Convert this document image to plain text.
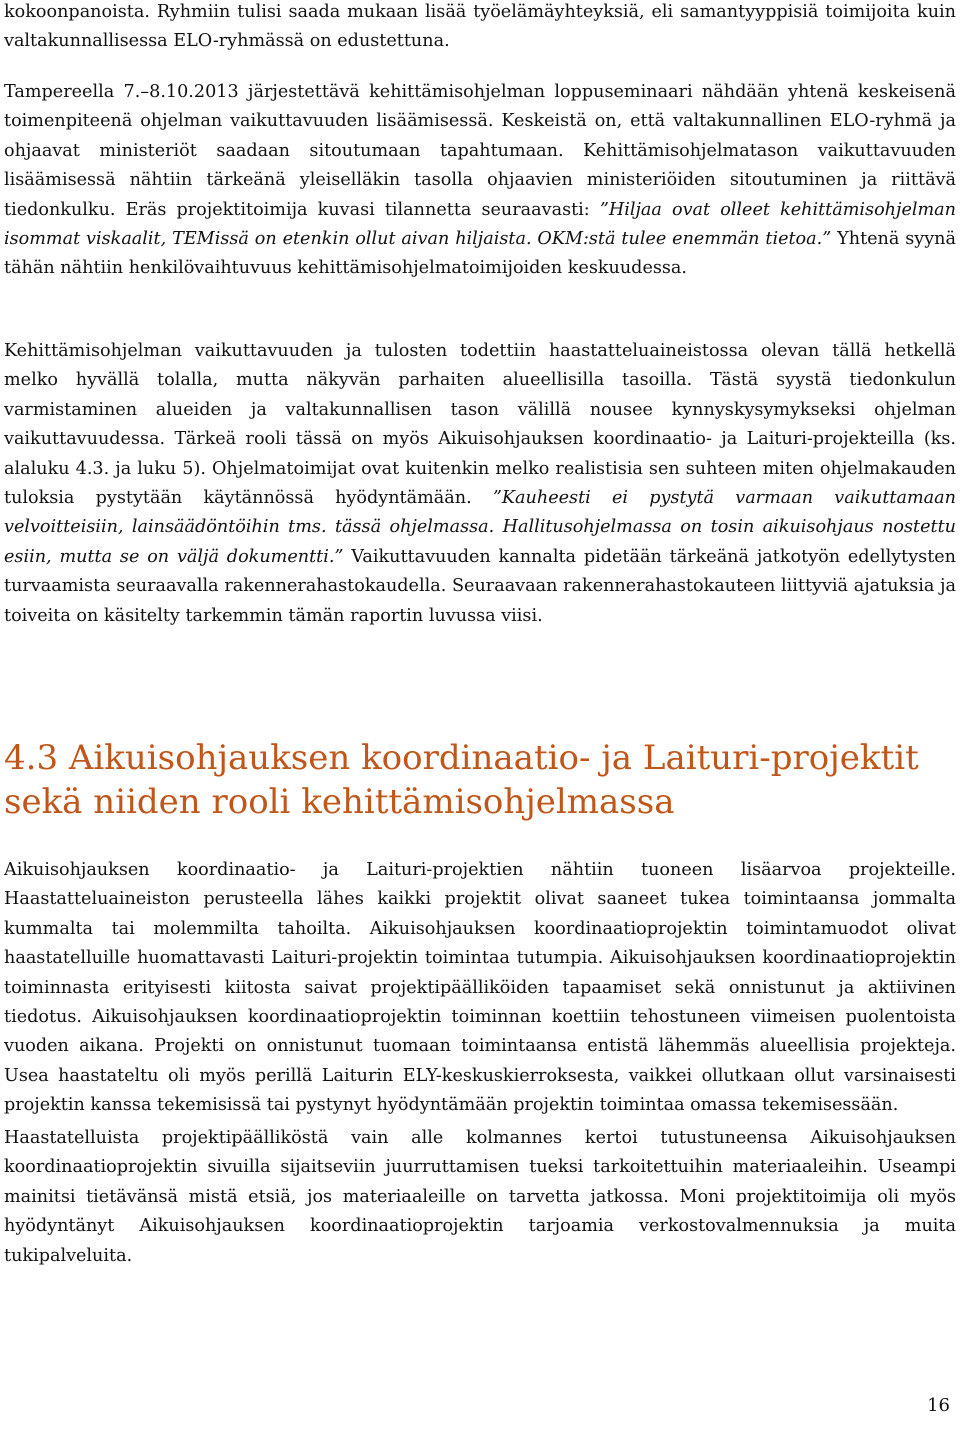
kokoonpanoista. Ryhmiin tulisi saada mukaan lisää työelämäyhteyksiä, eli samantyyppisiä toimijoita kuin valtakunnallisessa ELO-ryhmässä on edustettuna.

Tampereella 7.–8.10.2013 järjestettävä kehittämisohjelman loppuseminaari nähdään yhtenä keskeisenä toimenpiteenä ohjelman vaikuttavuuden lisäämisessä. Keskeistä on, että valtakunnallinen ELO-ryhmä ja ohjaavat ministeriöt saadaan sitoutumaan tapahtumaan. Kehittämisohjelmatason vaikuttavuuden lisäämisessä nähtiin tärkeänä yleiselläkin tasolla ohjaavien ministeriöiden sitoutuminen ja riittävä tiedonkulku. Eräs projektitoimija kuvasi tilannetta seuraavasti: ”Hiljaa ovat olleet kehittämisohjelman isommat viskaalit, TEMissä on etenkin ollut aivan hiljaista. OKM:stä tulee enemmän tietoa.” Yhtenä syynä tähän nähtiin henkilövaihtuvuus kehittämisohjelmatoimijoiden keskuudessa.

Kehittämisohjelman vaikuttavuuden ja tulosten todettiin haastatteluaineistossa olevan tällä hetkellä melko hyvällä tolalla, mutta näkyvän parhaiten alueellisilla tasoilla. Tästä syystä tiedonkulun varmistaminen alueiden ja valtakunnallisen tason välillä nousee kynnyskysymykseksi ohjelman vaikuttavuudessa. Tärkeä rooli tässä on myös Aikuisohjauksen koordinaatio- ja Laituri-projekteilla (ks. alaluku 4.3. ja luku 5). Ohjelmatoimijat ovat kuitenkin melko realistisia sen suhteen miten ohjelmakauden tuloksia pystytään käytännössä hyödyntämään. ”Kauheesti ei pystytä varmaan vaikuttamaan velvoitteisiin, lainsäädöntöihin tms. tässä ohjelmassa. Hallitusohjelmassa on tosin aikuisohjaus nostettu esiin, mutta se on väljä dokumentti.” Vaikuttavuuden kannalta pidetään tärkeänä jatkotyön edellytysten turvaamista seuraavalla rakennerahastokaudella. Seuraavaan rakennerahastokauteen liittyviä ajatuksia ja toiveita on käsitelty tarkemmin tämän raportin luvussa viisi.

4.3 Aikuisohjauksen koordinaatio- ja Laituri-projektit sekä niiden rooli kehittämisohjelmassa

Aikuisohjauksen koordinaatio- ja Laituri-projektien nähtiin tuoneen lisäarvoa projekteille. Haastatteluaineiston perusteella lähes kaikki projektit olivat saaneet tukea toimintaansa jommalta kummalta tai molemmilta tahoilta. Aikuisohjauksen koordinaatioprojektin toimintamuodot olivat haastatelluille huomattavasti Laituri-projektin toimintaa tutumpia. Aikuisohjauksen koordinaatioprojektin toiminnasta erityisesti kiitosta saivat projektipäälliköiden tapaamiset sekä onnistunut ja aktiivinen tiedotus. Aikuisohjauksen koordinaatioprojektin toiminnan koettiin tehostuneen viimeisen puolentoista vuoden aikana. Projekti on onnistunut tuomaan toimintaansa entistä lähemmäs alueellisia projekteja. Usea haastateltu oli myös perillä Laiturin ELY-keskuskierroksesta, vaikkei ollutkaan ollut varsinaisesti projektin kanssa tekemisissä tai pystynyt hyödyntämään projektin toimintaa omassa tekemisessään.

Haastatelluista projektipäälliköstä vain alle kolmannes kertoi tutustuneensa Aikuisohjauksen koordinaatioprojektin sivuilla sijaitseviin juurruttamisen tueksi tarkoitettuihin materiaaleihin. Useampi mainitsi tietävänsä mistä etsiä, jos materiaaleille on tarvetta jatkossa. Moni projektitoimija oli myös hyödyntänyt Aikuisohjauksen koordinaatioprojektin tarjoamia verkostovalmennuksia ja muita tukipalveluita.

16
